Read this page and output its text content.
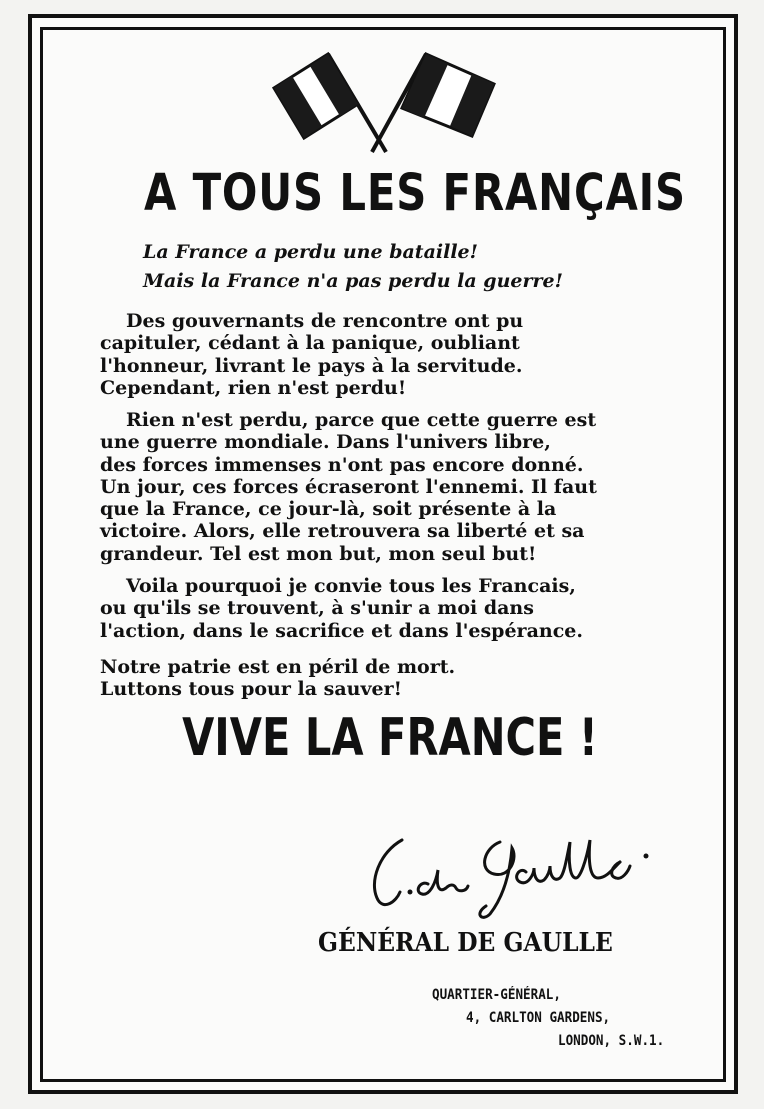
A TOUS LES FRANÇAIS
La France a perdu une bataille!
Mais la France n'a pas perdu la guerre!
Des gouvernants de rencontre ont pu
capituler, cédant à la panique, oubliant
l'honneur, livrant le pays à la servitude.
Cependant, rien n'est perdu!
Rien n'est perdu, parce que cette guerre est
une guerre mondiale. Dans l'univers libre,
des forces immenses n'ont pas encore donné.
Un jour, ces forces écraseront l'ennemi. Il faut
que la France, ce jour-là, soit présente à la
victoire. Alors, elle retrouvera sa liberté et sa
grandeur. Tel est mon but, mon seul but!
Voila pourquoi je convie tous les Francais,
ou qu'ils se trouvent, à s'unir a moi dans
l'action, dans le sacrifice et dans l'espérance.
Notre patrie est en péril de mort.
Luttons tous pour la sauver!
VIVE LA FRANCE !
GÉNÉRAL DE GAULLE
QUARTIER-GÉNÉRAL,
4, CARLTON GARDENS,
LONDON, S.W.1.
